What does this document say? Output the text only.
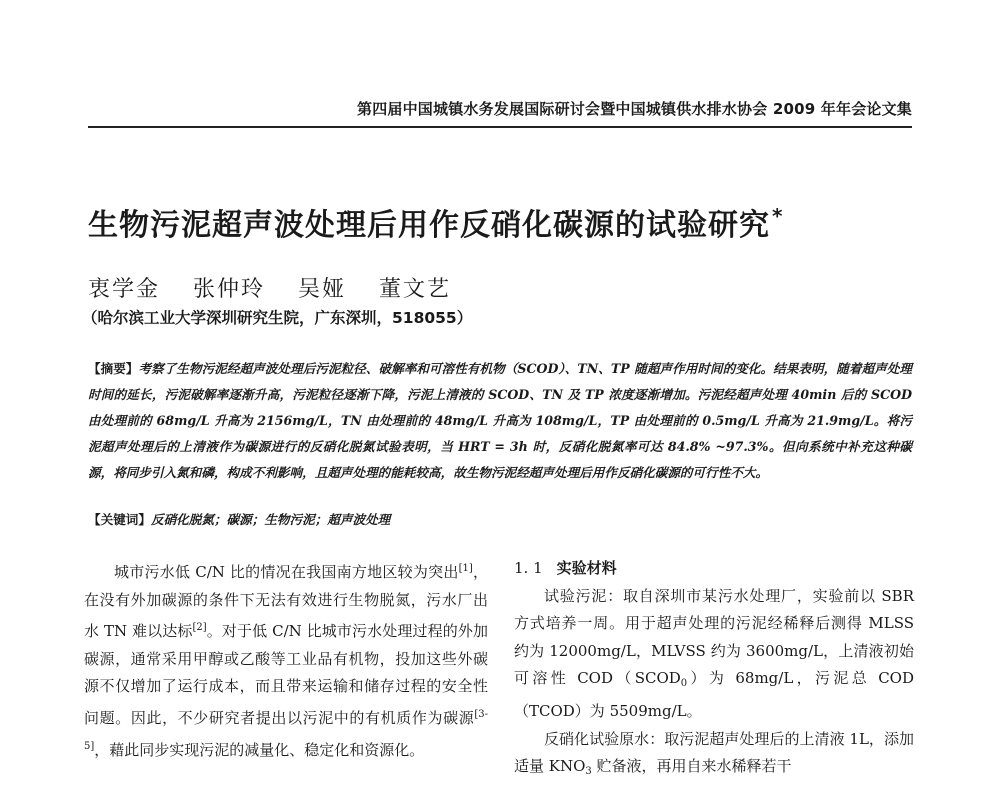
第四届中国城镇水务发展国际研讨会暨中国城镇供水排水协会 2009 年年会论文集
生物污泥超声波处理后用作反硝化碳源的试验研究 *
衷学金 张仲玲 吴娅 董文艺
（哈尔滨工业大学深圳研究生院，广东深圳，518055）
【摘要】考察了生物污泥经超声波处理后污泥粒径、破解率和可溶性有机物（SCOD）、TN、TP 随超声作用时间的变化。结果表明，随着超声处理时间的延长，污泥破解率逐渐升高，污泥粒径逐渐下降，污泥上清液的 SCOD、TN 及 TP 浓度逐渐增加。污泥经超声处理 40min 后的 SCOD 由处理前的 68mg/L 升高为 2156mg/L，TN 由处理前的 48mg/L 升高为 108mg/L，TP 由处理前的 0.5mg/L 升高为 21.9mg/L。将污泥超声处理后的上清液作为碳源进行的反硝化脱氮试验表明，当 HRT = 3h 时，反硝化脱氮率可达 84.8% ~97.3%。但向系统中补充这种碳源，将同步引入氮和磷，构成不利影响，且超声处理的能耗较高，故生物污泥经超声处理后用作反硝化碳源的可行性不大。
【关键词】反硝化脱氮；碳源；生物污泥；超声波处理

城市污水低 C/N 比的情况在我国南方地区较为突出[1]，在没有外加碳源的条件下无法有效进行生物脱氮，污水厂出水 TN 难以达标[2]。对于低 C/N 比城市污水处理过程的外加碳源，通常采用甲醇或乙酸等工业品有机物，投加这些外碳源不仅增加了运行成本，而且带来运输和储存过程的安全性问题。因此，不少研究者提出以污泥中的有机质作为碳源[3-5]，藉此同步实现污泥的减量化、稳定化和资源化。

1. 1 实验材料

试验污泥：取自深圳市某污水处理厂，实验前以 SBR 方式培养一周。用于超声处理的污泥经稀释后测得 MLSS 约为 12000mg/L，MLVSS 约为 3600mg/L，上清液初始可溶性 $COD(SCOD_0)$为 68mg/L，污泥总 COD（TCOD）为 5509mg/L。

反硝化试验原水：取污泥超声处理后的上清液 1L，添加适量 $KNO_3$ 贮备液，再用自来水稀释若干
